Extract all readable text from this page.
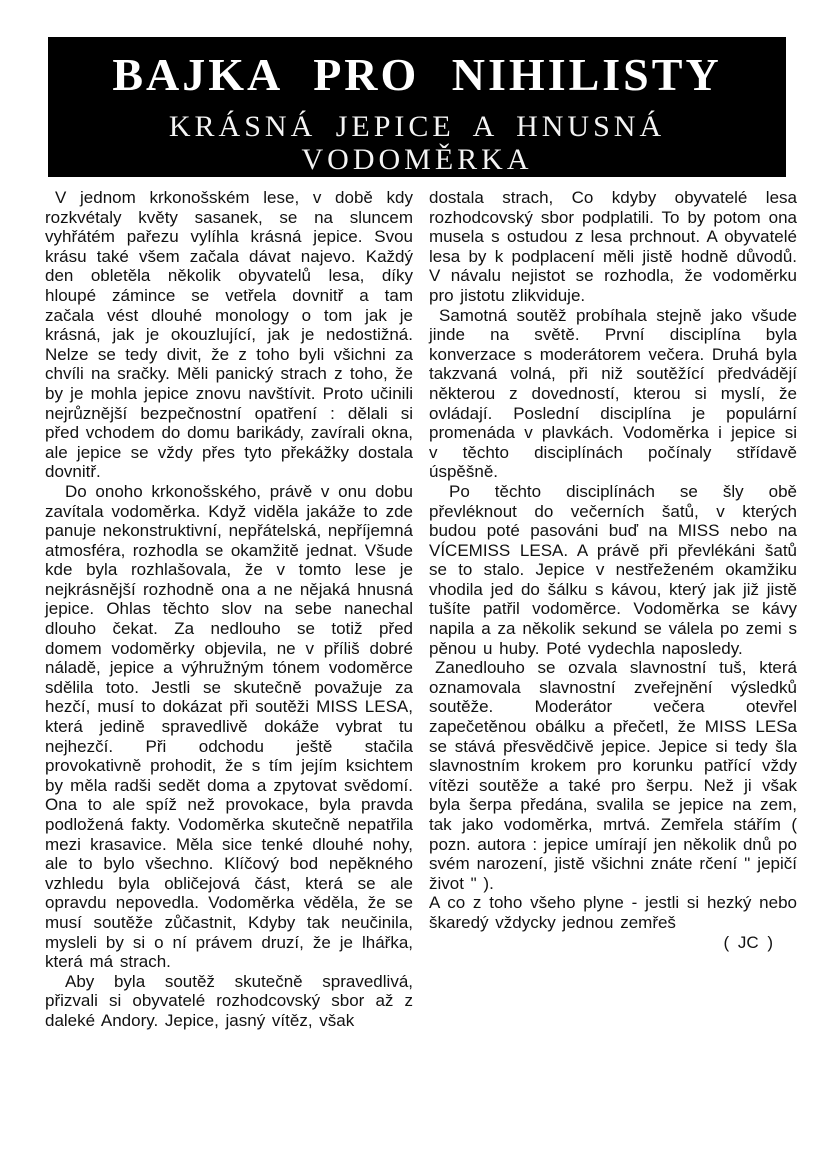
BAJKA PRO NIHILISTY
KRÁSNÁ JEPICE A HNUSNÁ VODOMĚRKA

V jednom krkonošském lese, v době kdy rozkvétaly květy sasanek, se na sluncem vyhřátém pařezu vylíhla krásná jepice. Svou krásu také všem začala dávat najevo. Každý den obletěla několik obyvatelů lesa, díky hloupé zámince se vetřela dovnitř a tam začala vést dlouhé monology o tom jak je krásná, jak je okouzlující, jak je nedostižná. Nelze se tedy divit, že z toho byli všichni za chvíli na sračky. Měli panický strach z toho, že by je mohla jepice znovu navštívit. Proto učinili nejrůznější bezpečnostní opatření : dělali si před vchodem do domu barikády, zavírali okna, ale jepice se vždy přes tyto překážky dostala dovnitř.

Do onoho krkonošského, právě v onu dobu zavítala vodoměrka. Když viděla jakáže to zde panuje nekonstruktivní, nepřátelská, nepříjemná atmosféra, rozhodla se okamžitě jednat. Všude kde byla rozhlašovala, že v tomto lese je nejkrásnější rozhodně ona a ne nějaká hnusná jepice. Ohlas těchto slov na sebe nanechal dlouho čekat. Za nedlouho se totiž před domem vodoměrky objevila, ne v příliš dobré náladě, jepice a výhružným tónem vodoměrce sdělila toto. Jestli se skutečně považuje za hezčí, musí to dokázat při soutěži MISS LESA, která jedině spravedlivě dokáže vybrat tu nejhezčí. Při odchodu ještě stačila provokativně prohodit, že s tím jejím ksichtem by měla radši sedět doma a zpytovat svědomí. Ona to ale spíž než provokace, byla pravda podložená fakty. Vodoměrka skutečně nepatřila mezi krasavice. Měla sice tenké dlouhé nohy, ale to bylo všechno. Klíčový bod nepěkného vzhledu byla obličejová část, která se ale opravdu nepovedla. Vodoměrka věděla, že se musí soutěže zůčastnit, Kdyby tak neučinila, mysleli by si o ní právem druzí, že je lhářka, která má strach.

Aby byla soutěž skutečně spravedlivá, přizvali si obyvatelé rozhodcovský sbor až z daleké Andory. Jepice, jasný vítěz, však

dostala strach, Co kdyby obyvatelé lesa rozhodcovský sbor podplatili. To by potom ona musela s ostudou z lesa prchnout. A obyvatelé lesa by k podplacení měli jistě hodně důvodů. V návalu nejistot se rozhodla, že vodoměrku pro jistotu zlikviduje.

Samotná soutěž probíhala stejně jako všude jinde na světě. První disciplína byla konverzace s moderátorem večera. Druhá byla takzvaná volná, při niž soutěžící předvádějí některou z dovedností, kterou si myslí, že ovládají. Poslední disciplína je populární promenáda v plavkách. Vodoměrka i jepice si v těchto disciplínách počínaly střídavě úspěšně.

Po těchto disciplínách se šly obě převléknout do večerních šatů, v kterých budou poté pasováni buď na MISS nebo na VÍCEMISS LESA. A právě při převlékáni šatů se to stalo. Jepice v nestřeženém okamžiku vhodila jed do šálku s kávou, který jak již jistě tušíte patřil vodoměrce. Vodoměrka se kávy napila a za několik sekund se válela po zemi s pěnou u huby. Poté vydechla naposledy.

Zanedlouho se ozvala slavnostní tuš, která oznamovala slavnostní zveřejnění výsledků soutěže. Moderátor večera otevřel zapečetěnou obálku a přečetl, že MISS LESa se stává přesvědčivě jepice. Jepice si tedy šla slavnostním krokem pro korunku patřící vždy vítězi soutěže a také pro šerpu. Než ji však byla šerpa předána, svalila se jepice na zem, tak jako vodoměrka, mrtvá. Zemřela stářím ( pozn. autora : jepice umírají jen několik dnů po svém narození, jistě všichni znáte rčení " jepičí život " ).

A co z toho všeho plyne - jestli si hezký nebo škaredý vždycky jednou zemřeš

( JC )
